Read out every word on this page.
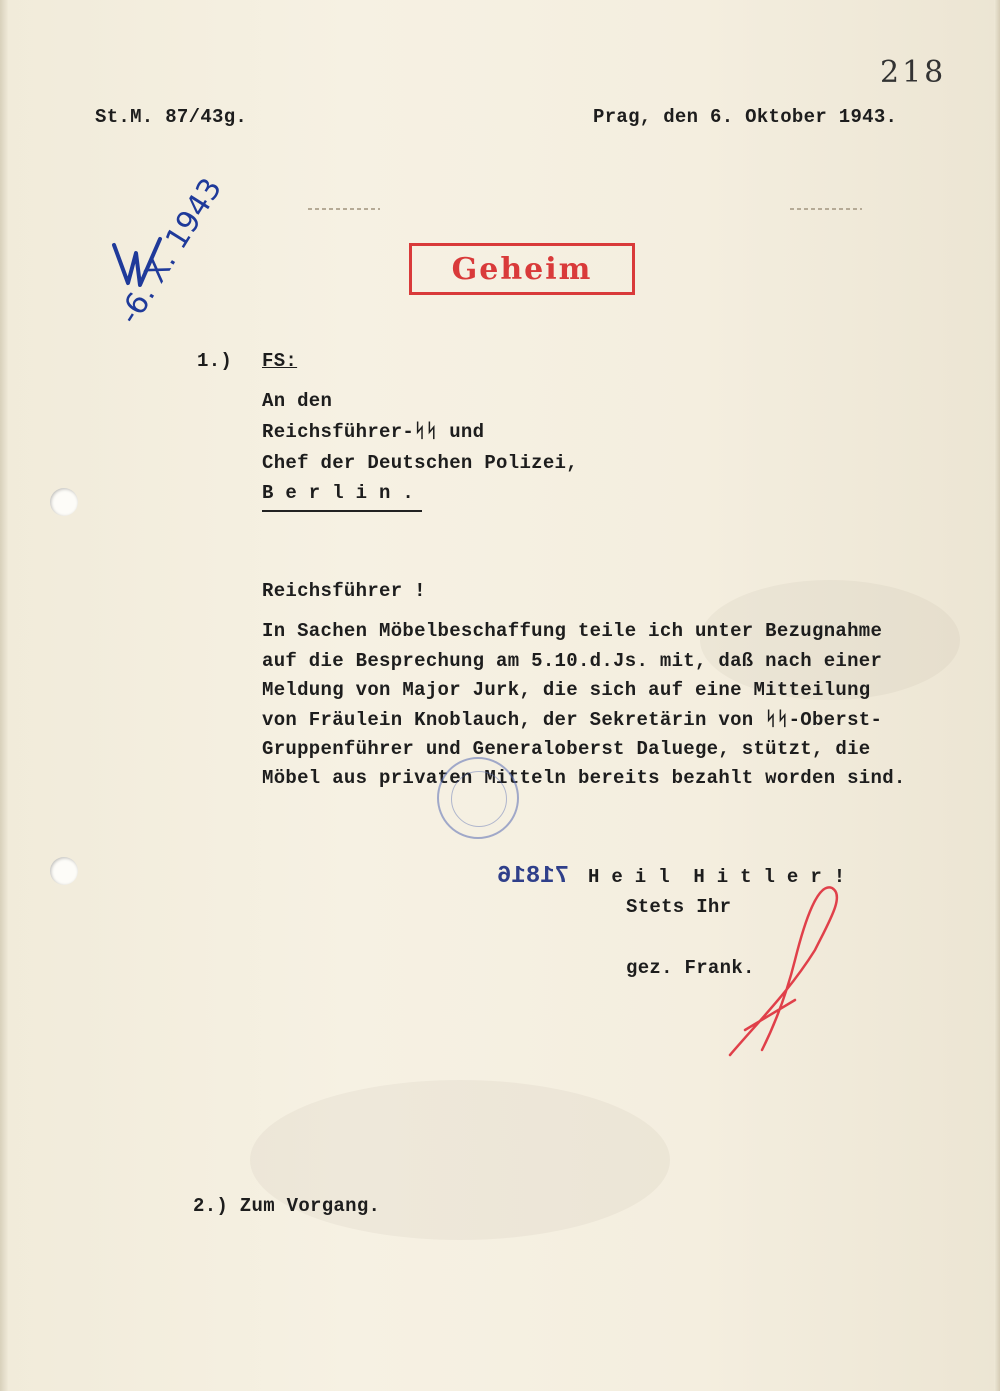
218
St.M. 87/43g.	Prag, den 6. Oktober 1943.
Geheim
-6. X. 1943
1.) FS:
An den
Reichsführer-ᛋᛋ und
Chef der Deutschen Polizei,
B e r l i n .
Reichsführer !
In Sachen Möbelbeschaffung teile ich unter Bezugnahme
auf die Besprechung am 5.10.d.Js. mit, daß nach einer
Meldung von Major Jurk, die sich auf eine Mitteilung
von Fräulein Knoblauch, der Sekretärin von ᛋᛋ-Oberst-
Gruppenführer und Generaloberst Daluege, stützt, die
Möbel aus privaten Mitteln bereits bezahlt worden sind.
71816 H e i l  H i t l e r !
Stets Ihr
gez. Frank.
2.) Zum Vorgang.
